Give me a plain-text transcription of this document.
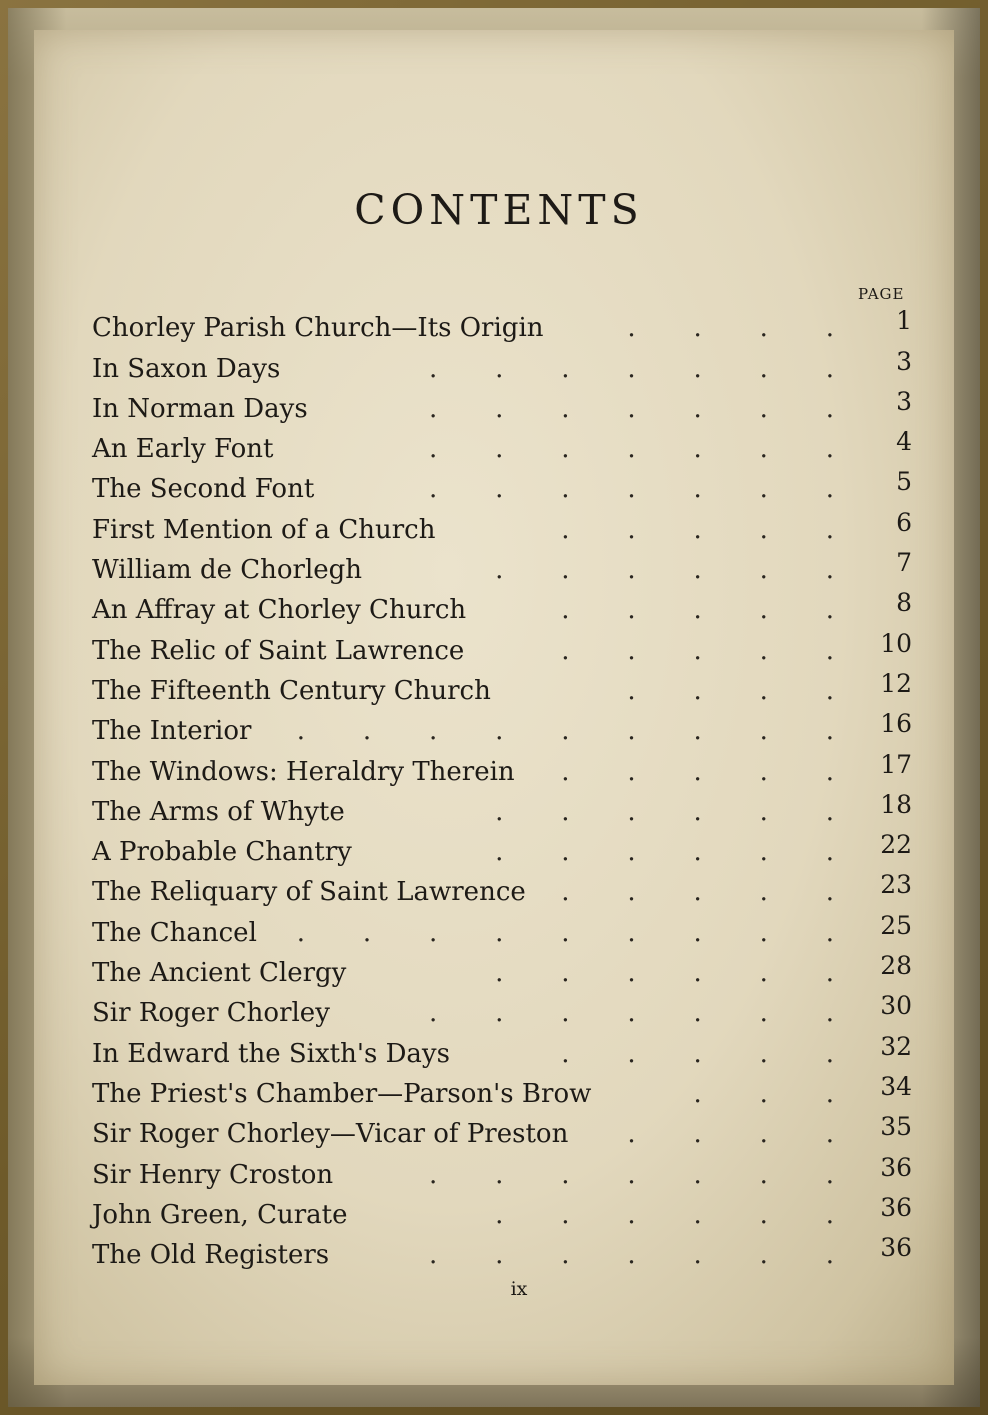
CONTENTS
PAGE
Chorley Parish Church—Its Origin	.       .       .       .	1
In Saxon Days	.       .       .       .       .       .       .	3
In Norman Days	.       .       .       .       .       .       .	3
An Early Font	.       .       .       .       .       .       .	4
The Second Font	.       .       .       .       .       .       .	5
First Mention of a Church	.       .       .       .       .	6
William de Chorlegh	.       .       .       .       .       .	7
An Affray at Chorley Church	.       .       .       .       .	8
The Relic of Saint Lawrence	.       .       .       .       .	10
The Fifteenth Century Church	.       .       .       .	12
The Interior .       .       .       .       .       .       .       .       .	16
The Windows: Heraldry Therein .       .       .       .       .	17
The Arms of Whyte	.       .       .       .       .       .	18
A Probable Chantry	.       .       .       .       .       .	22
The Reliquary of Saint Lawrence .       .       .       .       .	23
The Chancel .       .       .       .       .       .       .       .       .	25
The Ancient Clergy	.       .       .       .       .       .	28
Sir Roger Chorley	.       .       .       .       .       .       .	30
In Edward the Sixth's Days	.       .       .       .       .	32
The Priest's Chamber—Parson's Brow	.       .       .	34
Sir Roger Chorley—Vicar of Preston .       .       .       .	35
Sir Henry Croston	.       .       .       .       .       .       .	36
John Green, Curate	.       .       .       .       .       .	36
The Old Registers	.       .       .       .       .       .       .	36
ix
